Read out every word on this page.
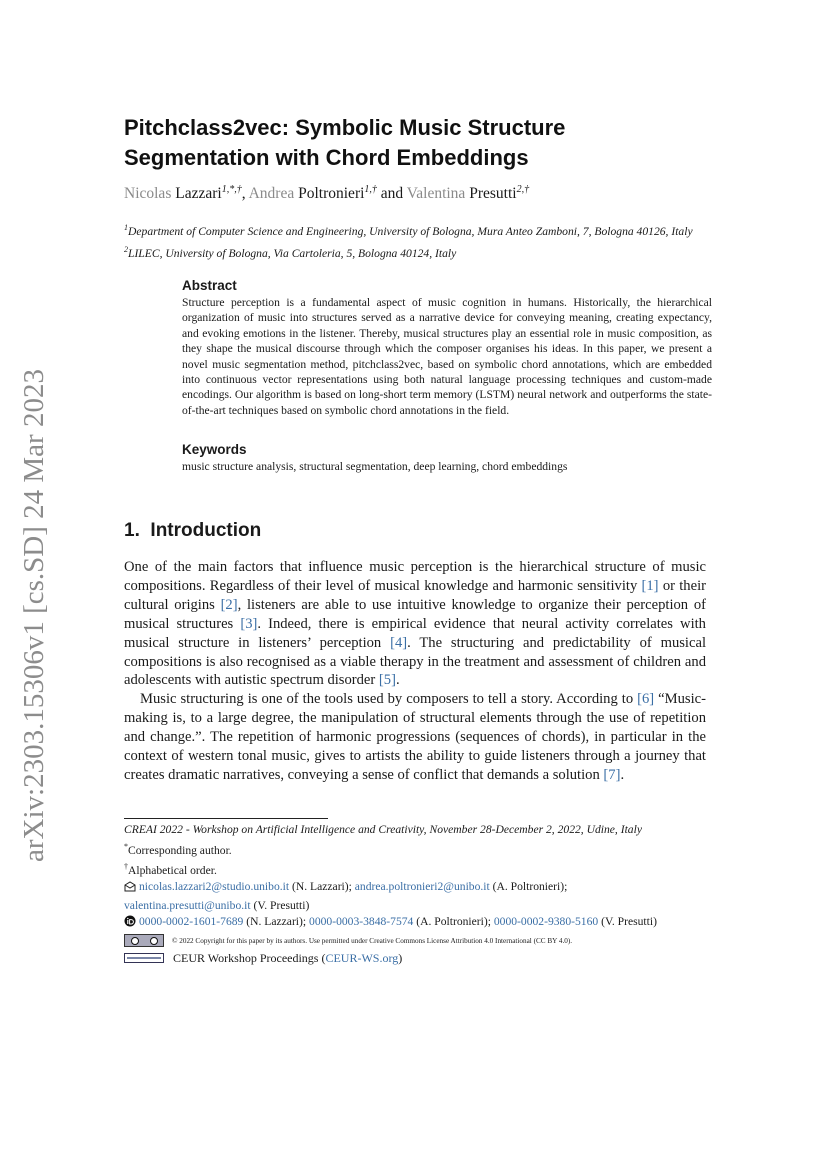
arXiv:2303.15306v1 [cs.SD] 24 Mar 2023
Pitchclass2vec: Symbolic Music Structure
Segmentation with Chord Embeddings
Nicolas Lazzari$^{1,*,\dagger}$, Andrea Poltronieri$^{1,\dagger}$ and Valentina Presutti$^{2,\dagger}$
$^1$Department of Computer Science and Engineering, University of Bologna, Mura Anteo Zamboni, 7, Bologna 40126, Italy
$^2$LILEC, University of Bologna, Via Cartoleria, 5, Bologna 40124, Italy
Abstract

Structure perception is a fundamental aspect of music cognition in humans. Historically, the hierarchical organization of music into structures served as a narrative device for conveying meaning, creating expectancy, and evoking emotions in the listener. Thereby, musical structures play an essential role in music composition, as they shape the musical discourse through which the composer organises his ideas. In this paper, we present a novel music segmentation method, pitchclass2vec, based on symbolic chord annotations, which are embedded into continuous vector representations using both natural language processing techniques and custom-made encodings. Our algorithm is based on long-short term memory (LSTM) neural network and outperforms the state-of-the-art techniques based on symbolic chord annotations in the field.

Keywords

music structure analysis, structural segmentation, deep learning, chord embeddings

1. Introduction

One of the main factors that influence music perception is the hierarchical structure of music compositions. Regardless of their level of musical knowledge and harmonic sensitivity [1] or their cultural origins [2], listeners are able to use intuitive knowledge to organize their perception of musical structures [3]. Indeed, there is empirical evidence that neural activity correlates with musical structure in listeners’ perception [4]. The structuring and predictability of musical compositions is also recognised as a viable therapy in the treatment and assessment of children and adolescents with autistic spectrum disorder [5].

Music structuring is one of the tools used by composers to tell a story. According to [6] “Music-making is, to a large degree, the manipulation of structural elements through the use of repetition and change.”. The repetition of harmonic progressions (sequences of chords), in particular in the context of western tonal music, gives to artists the ability to guide listeners through a journey that creates dramatic narratives, conveying a sense of conflict that demands a solution [7].

CREAI 2022 - Workshop on Artificial Intelligence and Creativity, November 28-December 2, 2022, Udine, Italy
*Corresponding author.
†Alphabetical order.
nicolas.lazzari2@studio.unibo.it (N. Lazzari); andrea.poltronieri2@unibo.it (A. Poltronieri);
valentina.presutti@unibo.it (V. Presutti)
0000-0002-1601-7689 (N. Lazzari); 0000-0003-3848-7574 (A. Poltronieri); 0000-0002-9380-5160 (V. Presutti)
© 2022 Copyright for this paper by its authors. Use permitted under Creative Commons License Attribution 4.0 International (CC BY 4.0).
CEUR Workshop Proceedings ( CEUR-WS.org )
